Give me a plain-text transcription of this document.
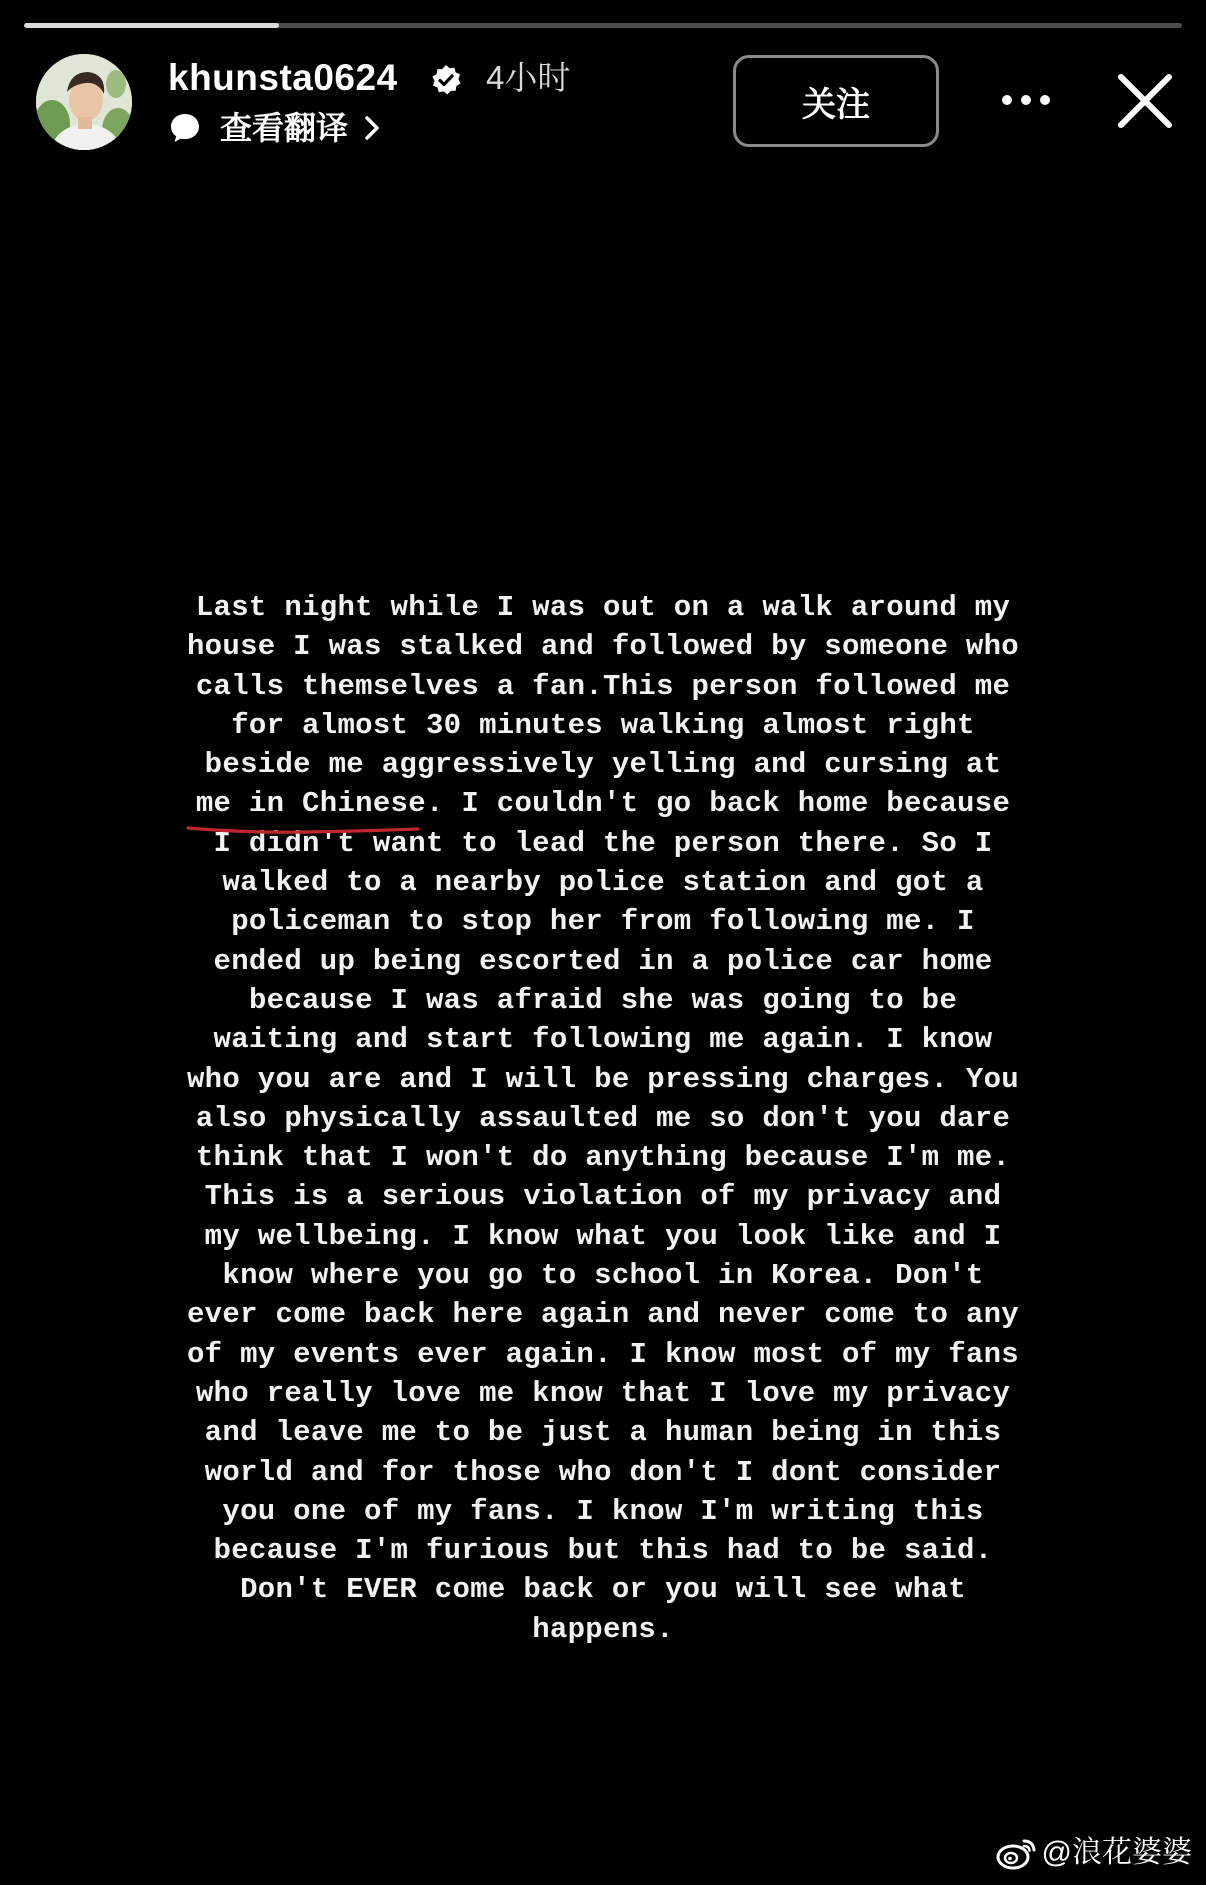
khunsta0624	4小时
查看翻译
关注
Last night while I was out on a walk around my
house I was stalked and followed by someone who
calls themselves a fan.This person followed me
for almost 30 minutes walking almost right
beside me aggressively yelling and cursing at
me in Chinese. I couldn't go back home because
I didn't want to lead the person there. So I
walked to a nearby police station and got a
policeman to stop her from following me. I
ended up being escorted in a police car home
because I was afraid she was going to be
waiting and start following me again. I know
who you are and I will be pressing charges. You
also physically assaulted me so don't you dare
think that I won't do anything because I'm me.
This is a serious violation of my privacy and
my wellbeing. I know what you look like and I
know where you go to school in Korea. Don't
ever come back here again and never come to any
of my events ever again. I know most of my fans
who really love me know that I love my privacy
and leave me to be just a human being in this
world and for those who don't I dont consider
you one of my fans. I know I'm writing this
because I'm furious but this had to be said.
Don't EVER come back or you will see what
happens.
@浪花婆婆
